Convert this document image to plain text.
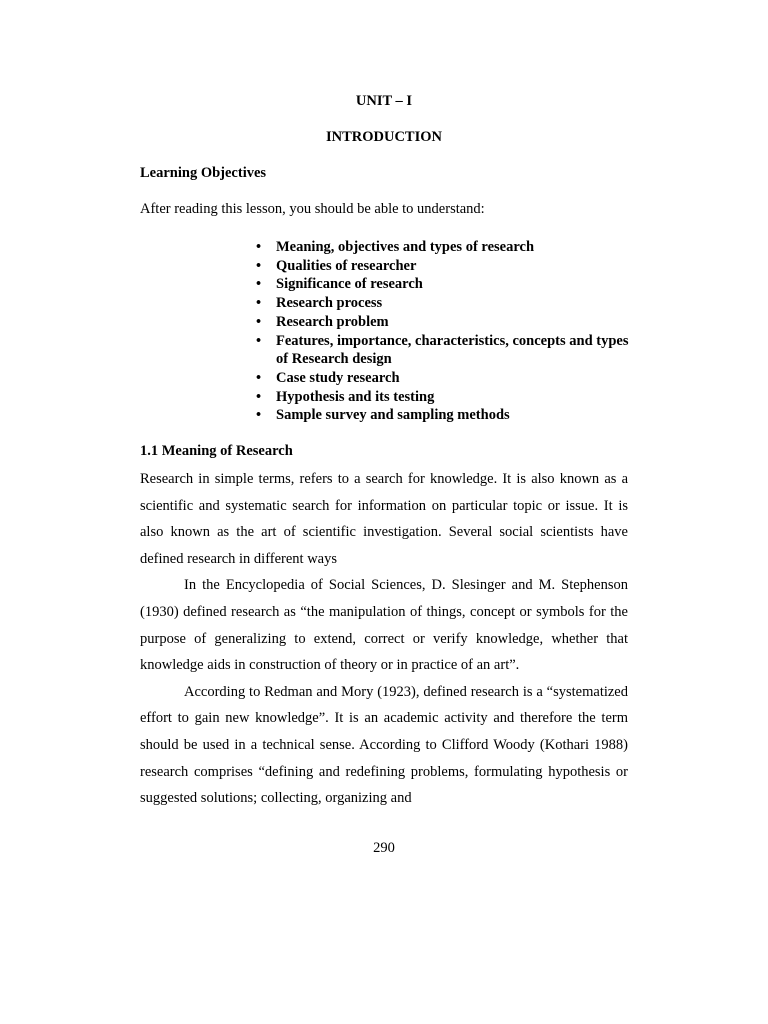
UNIT – I
INTRODUCTION
Learning Objectives
After reading this lesson, you should be able to understand:
• Meaning, objectives and types of research
• Qualities of researcher
• Significance of research
• Research process
• Research problem
• Features, importance, characteristics, concepts and types of Research design
• Case study research
• Hypothesis and its testing
• Sample survey and sampling methods
1.1 Meaning of Research

Research in simple terms, refers to a search for knowledge. It is also known as a scientific and systematic search for information on particular topic or issue. It is also known as the art of scientific investigation. Several social scientists have defined research in different ways

In the Encyclopedia of Social Sciences, D. Slesinger and M. Stephenson (1930) defined research as “the manipulation of things, concept or symbols for the purpose of generalizing to extend, correct or verify knowledge, whether that knowledge aids in construction of theory or in practice of an art”.

According to Redman and Mory (1923), defined research is a “systematized effort to gain new knowledge”. It is an academic activity and therefore the term should be used in a technical sense. According to Clifford Woody (Kothari 1988) research comprises “defining and redefining problems, formulating hypothesis or suggested solutions; collecting, organizing and

290
